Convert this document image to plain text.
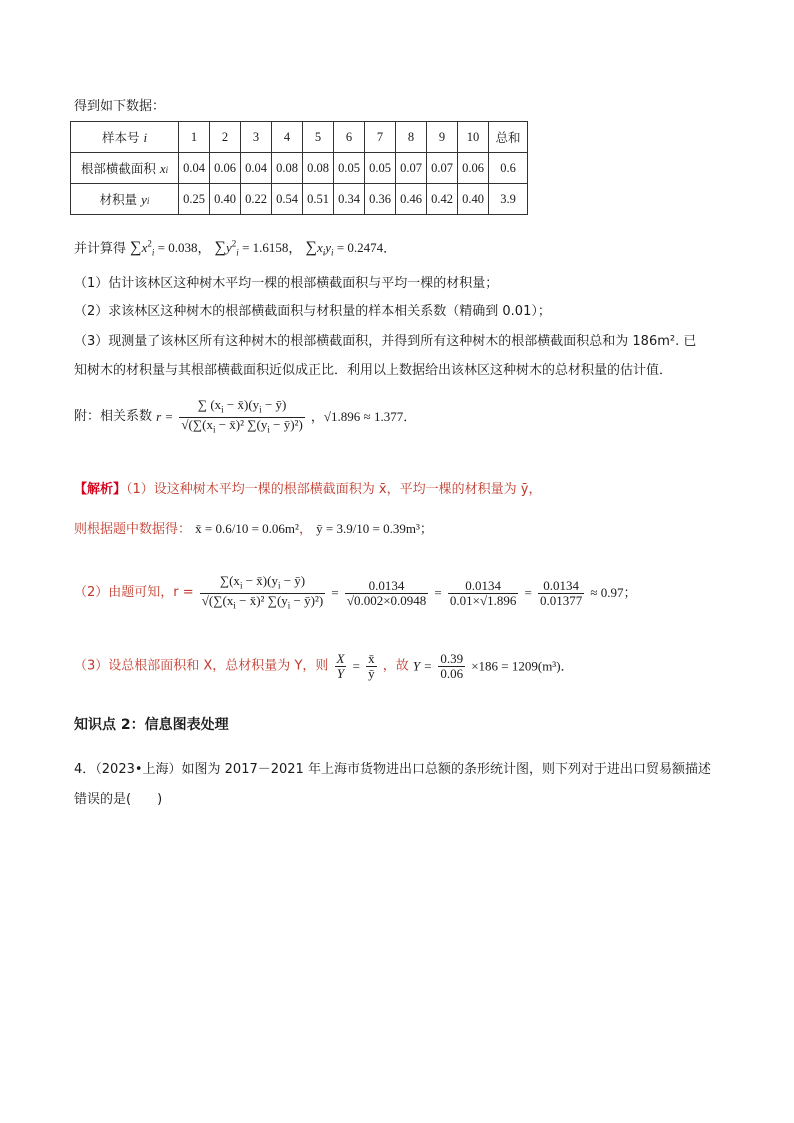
得到如下数据：
样本号 i	1	2	3	4	5	6	7	8	9	10	总和
根部横截面积 xi	0.04	0.06	0.04	0.08	0.08	0.05	0.05	0.07	0.07	0.06	0.6
材积量 yi	0.25	0.40	0.22	0.54	0.51	0.34	0.36	0.46	0.42	0.40	3.9
并计算得 $\sum x^2_i = 0.038$， $\sum y^2_i = 1.6158$， $\sum x_iy_i = 0.2474$．
（1）估计该林区这种树木平均一棵的根部横截面积与平均一棵的材积量；
（2）求该林区这种树木的根部横截面积与材积量的样本相关系数（精确到 0.01）；
（3）现测量了该林区所有这种树木的根部横截面积，并得到所有这种树木的根部横截面积总和为 186m². 已
知树木的材积量与其根部横截面积近似成正比．利用以上数据给出该林区这种树木的总材积量的估计值．
附：相关系数 $r = \frac{\sum (x_i - x̄)(y_i - ȳ)}{√(\sum(x_i - x̄)^2 \sum(y_i - ȳ)^2)}$ ，√1.896 ≈ 1.377．
【解析】（1）设这种树木平均一棵的根部横截面积为 x̄，平均一棵的材积量为 ȳ，
则根据题中数据得： x̄ = 0.6/10 = 0.06m²， ȳ = 3.9/10 = 0.39m³；
（2）由题可知，$r = \frac{\sum(x_i - x̄)(y_i - ȳ)}{√(\sum(x_i - x̄)^2 \sum(y_i - ȳ)^2)} = \frac{0.0134}{√0.002\times 0.0948} = \frac{0.0134}{0.01\times√1.896} = \frac{0.0134}{0.01377} \approx 0.97$；
（3）设总根部面积和 X，总材积量为 Y，则 $\frac{X}{Y} = \frac{x̄}{ȳ}$ ，故 $Y = \frac{0.39}{0.06} \times 186 = 1209(m^3)$．
知识点 2：信息图表处理
4．（2023•上海）如图为 2017－2021 年上海市货物进出口总额的条形统计图，则下列对于进出口贸易额描述
错误的是(　　)
